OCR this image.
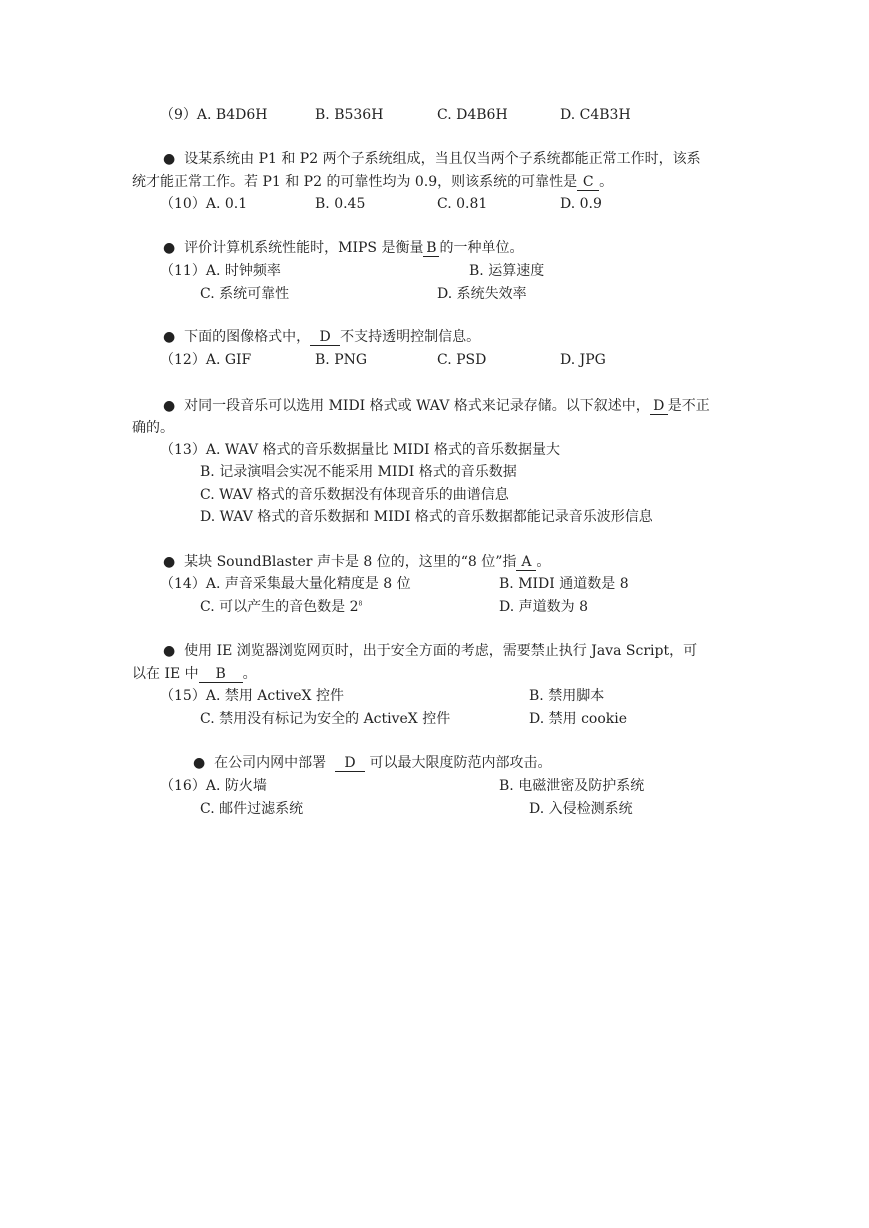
（9）A. B4D6H	B. B536H	C. D4B6H	D. C4B3H
● 设某系统由 P1 和 P2 两个子系统组成，当且仅当两个子系统都能正常工作时，该系
统才能正常工作。若 P1 和 P2 的可靠性均为 0.9，则该系统的可靠性是 C 。
（10）A. 0.1	B. 0.45	C. 0.81	D. 0.9
● 评价计算机系统性能时，MIPS 是衡量 B 的一种单位。
（11）A. 时钟频率	B. 运算速度
C. 系统可靠性	D. 系统失效率
● 下面的图像格式中， D 不支持透明控制信息。
（12）A. GIF	B. PNG	C. PSD	D. JPG
● 对同一段音乐可以选用 MIDI 格式或 WAV 格式来记录存储。以下叙述中， D 是不正
确的。
（13）A. WAV 格式的音乐数据量比 MIDI 格式的音乐数据量大
B. 记录演唱会实况不能采用 MIDI 格式的音乐数据
C. WAV 格式的音乐数据没有体现音乐的曲谱信息
D. WAV 格式的音乐数据和 MIDI 格式的音乐数据都能记录音乐波形信息
● 某块 SoundBlaster 声卡是 8 位的，这里的“8 位”指 A 。
（14）A. 声音采集最大量化精度是 8 位	B. MIDI 通道数是 8
C. 可以产生的音色数是 $2^8$	D. 声道数为 8
● 使用 IE 浏览器浏览网页时，出于安全方面的考虑，需要禁止执行 Java Script，可
以在 IE 中 B 。
（15）A. 禁用 ActiveX 控件	B. 禁用脚本
C. 禁用没有标记为安全的 ActiveX 控件	D. 禁用 cookie
● 在公司内网中部署 D 可以最大限度防范内部攻击。
（16）A. 防火墙	B. 电磁泄密及防护系统
C. 邮件过滤系统	D. 入侵检测系统
